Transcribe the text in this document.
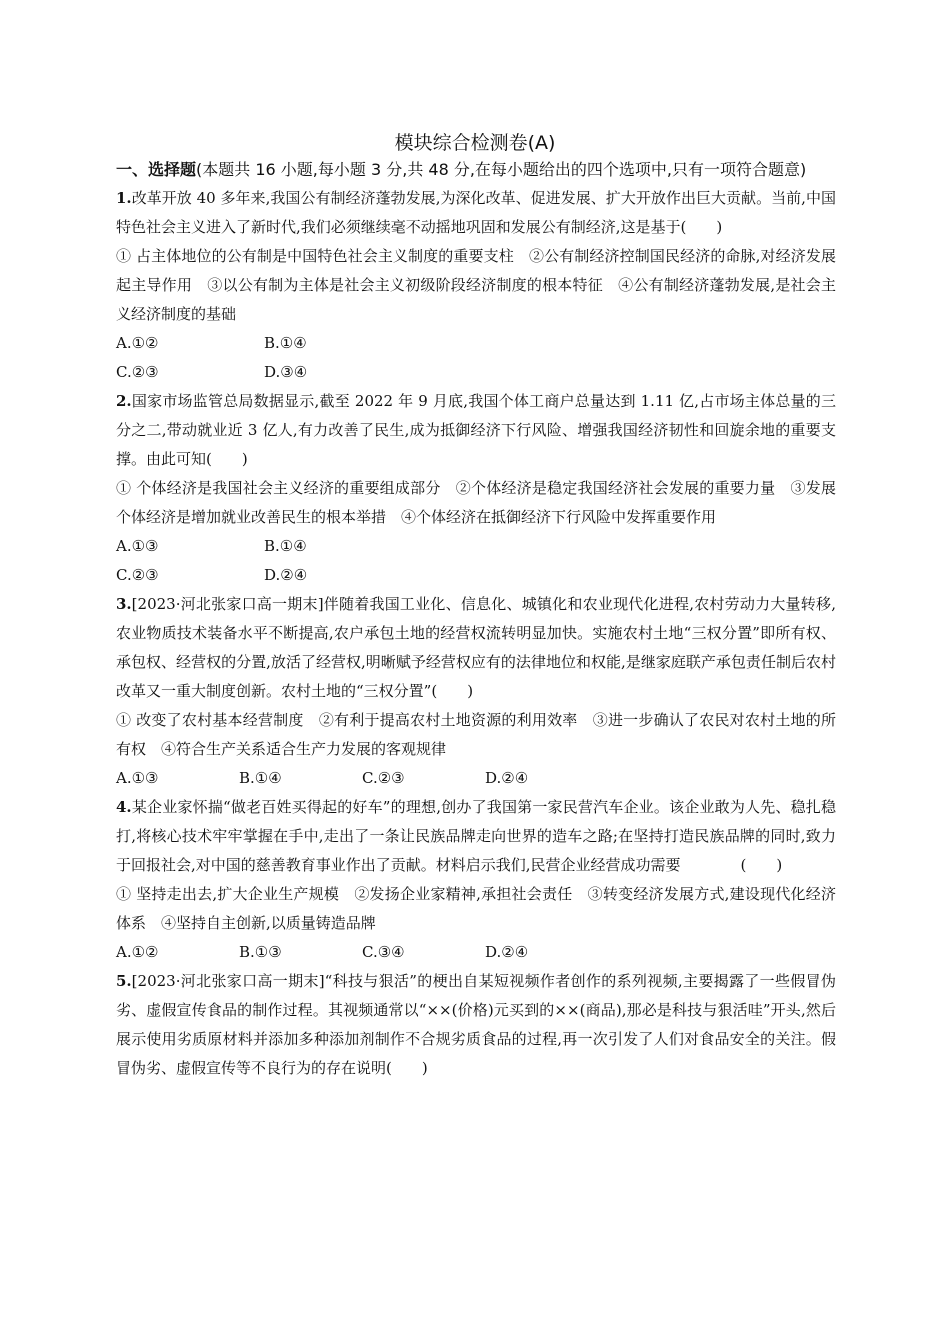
模块综合检测卷(A)

一、选择题(本题共 16 小题,每小题 3 分,共 48 分,在每小题给出的四个选项中,只有一项符合题意)

1.改革开放 40 多年来,我国公有制经济蓬勃发展,为深化改革、促进发展、扩大开放作出巨大贡献。当前,中国特色社会主义进入了新时代,我们必须继续毫不动摇地巩固和发展公有制经济,这是基于(　　)

① 占主体地位的公有制是中国特色社会主义制度的重要支柱　②公有制经济控制国民经济的命脉,对经济发展起主导作用　③以公有制为主体是社会主义初级阶段经济制度的根本特征　④公有制经济蓬勃发展,是社会主义经济制度的基础

A.①②	B.①④
C.②③	D.③④

2.国家市场监管总局数据显示,截至 2022 年 9 月底,我国个体工商户总量达到 1.11 亿,占市场主体总量的三分之二,带动就业近 3 亿人,有力改善了民生,成为抵御经济下行风险、增强我国经济韧性和回旋余地的重要支撑。由此可知(　　)

① 个体经济是我国社会主义经济的重要组成部分　②个体经济是稳定我国经济社会发展的重要力量　③发展个体经济是增加就业改善民生的根本举措　④个体经济在抵御经济下行风险中发挥重要作用

A.①③	B.①④
C.②③	D.②④

3.[2023·河北张家口高一期末]伴随着我国工业化、信息化、城镇化和农业现代化进程,农村劳动力大量转移,农业物质技术装备水平不断提高,农户承包土地的经营权流转明显加快。实施农村土地“三权分置”即所有权、承包权、经营权的分置,放活了经营权,明晰赋予经营权应有的法律地位和权能,是继家庭联产承包责任制后农村改革又一重大制度创新。农村土地的“三权分置”(　　)

① 改变了农村基本经营制度　②有利于提高农村土地资源的利用效率　③进一步确认了农民对农村土地的所有权　④符合生产关系适合生产力发展的客观规律

A.①③	B.①④	C.②③	D.②④

4.某企业家怀揣“做老百姓买得起的好车”的理想,创办了我国第一家民营汽车企业。该企业敢为人先、稳扎稳打,将核心技术牢牢掌握在手中,走出了一条让民族品牌走向世界的造车之路;在坚持打造民族品牌的同时,致力于回报社会,对中国的慈善教育事业作出了贡献。材料启示我们,民营企业经营成功需要　　　　(　　)

① 坚持走出去,扩大企业生产规模　②发扬企业家精神,承担社会责任　③转变经济发展方式,建设现代化经济体系　④坚持自主创新,以质量铸造品牌

A.①②	B.①③	C.③④	D.②④

5.[2023·河北张家口高一期末]“科技与狠活”的梗出自某短视频作者创作的系列视频,主要揭露了一些假冒伪劣、虚假宣传食品的制作过程。其视频通常以“××(价格)元买到的××(商品),那必是科技与狠活哇”开头,然后展示使用劣质原材料并添加多种添加剂制作不合规劣质食品的过程,再一次引发了人们对食品安全的关注。假冒伪劣、虚假宣传等不良行为的存在说明(　　)
